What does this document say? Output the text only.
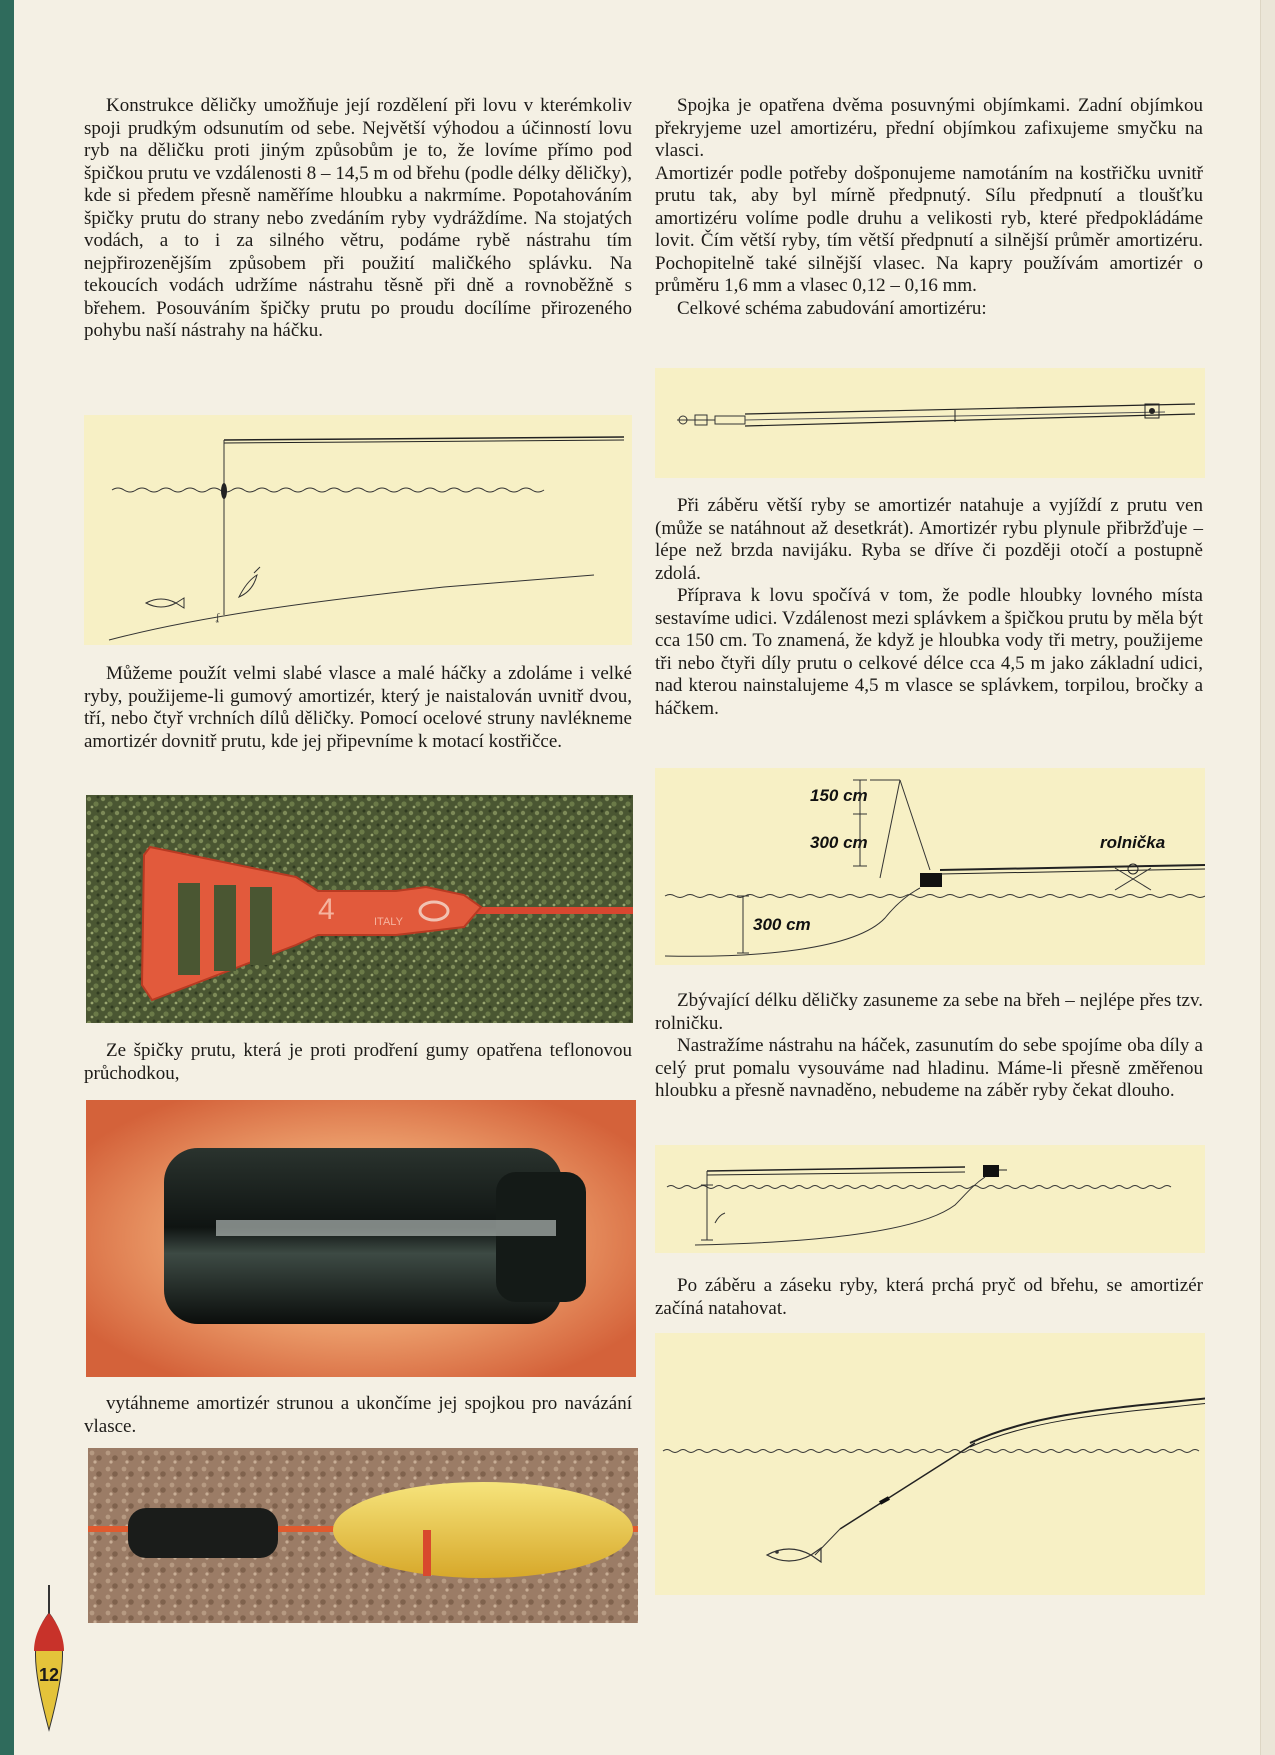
Konstrukce děličky umožňuje její rozdělení při lovu v kterémkoliv spoji prudkým odsunutím od sebe. Největší výhodou a účinností lovu ryb na děličku proti jiným způsobům je to, že lovíme přímo pod špičkou prutu ve vzdálenosti 8 – 14,5 m od břehu (podle délky děličky), kde si předem přesně naměříme hloubku a nakrmíme. Popotahováním špičky prutu do strany nebo zvedáním ryby vydráždíme. Na stojatých vodách, a to i za silného větru, podáme rybě nástrahu tím nejpřirozenějším způsobem při použití maličkého splávku. Na tekoucích vodách udržíme nástrahu těsně při dně a rovnoběžně s břehem. Posouváním špičky prutu po proudu docílíme přirozeného pohybu naší nástrahy na háčku.

ʆ

Můžeme použít velmi slabé vlasce a malé háčky a zdoláme i velké ryby, použijeme-li gumový amortizér, který je naistalován uvnitř dvou, tří, nebo čtyř vrchních dílů děličky. Pomocí ocelové struny navlékneme amortizér dovnitř prutu, kde jej připevníme k motací kostřičce.

4	ITALY

Ze špičky prutu, která je proti prodření gumy opatřena teflonovou průchodkou,

vytáhneme amortizér strunou a ukončíme jej spojkou pro navázání vlasce.

12

Spojka je opatřena dvěma posuvnými objímkami. Zadní objímkou překryjeme uzel amortizéru, přední objímkou zafixujeme smyčku na vlasci.

Amortizér podle potřeby došponujeme namotáním na kostřičku uvnitř prutu tak, aby byl mírně předpnutý. Sílu předpnutí a tloušťku amortizéru volíme podle druhu a velikosti ryb, které předpokládáme lovit. Čím větší ryby, tím větší předpnutí a silnější průměr amortizéru. Pochopitelně také silnější vlasec. Na kapry používám amortizér o průměru 1,6 mm a vlasec 0,12 – 0,16 mm.

Celkové schéma zabudování amortizéru:

Při záběru větší ryby se amortizér natahuje a vyjíždí z prutu ven (může se natáhnout až desetkrát). Amortizér rybu plynule přibržďuje – lépe než brzda navijáku. Ryba se dříve či později otočí a postupně zdolá.

Příprava k lovu spočívá v tom, že podle hloubky lovného místa sestavíme udici. Vzdálenost mezi splávkem a špičkou prutu by měla být cca 150 cm. To znamená, že když je hloubka vody tři metry, použijeme tři nebo čtyři díly prutu o celkové délce cca 4,5 m jako základní udici, nad kterou nainstalujeme 4,5 m vlasce se splávkem, torpilou, bročky a háčkem.

150 cm
300 cm
300 cm
rolnička

Zbývající délku děličky zasuneme za sebe na břeh – nejlépe přes tzv. rolničku.

Nastražíme nástrahu na háček, zasunutím do sebe spojíme oba díly a celý prut pomalu vysouváme nad hladinu. Máme-li přesně změřenou hloubku a přesně navnaděno, nebudeme na záběr ryby čekat dlouho.

Po záběru a záseku ryby, která prchá pryč od břehu, se amortizér začíná natahovat.
